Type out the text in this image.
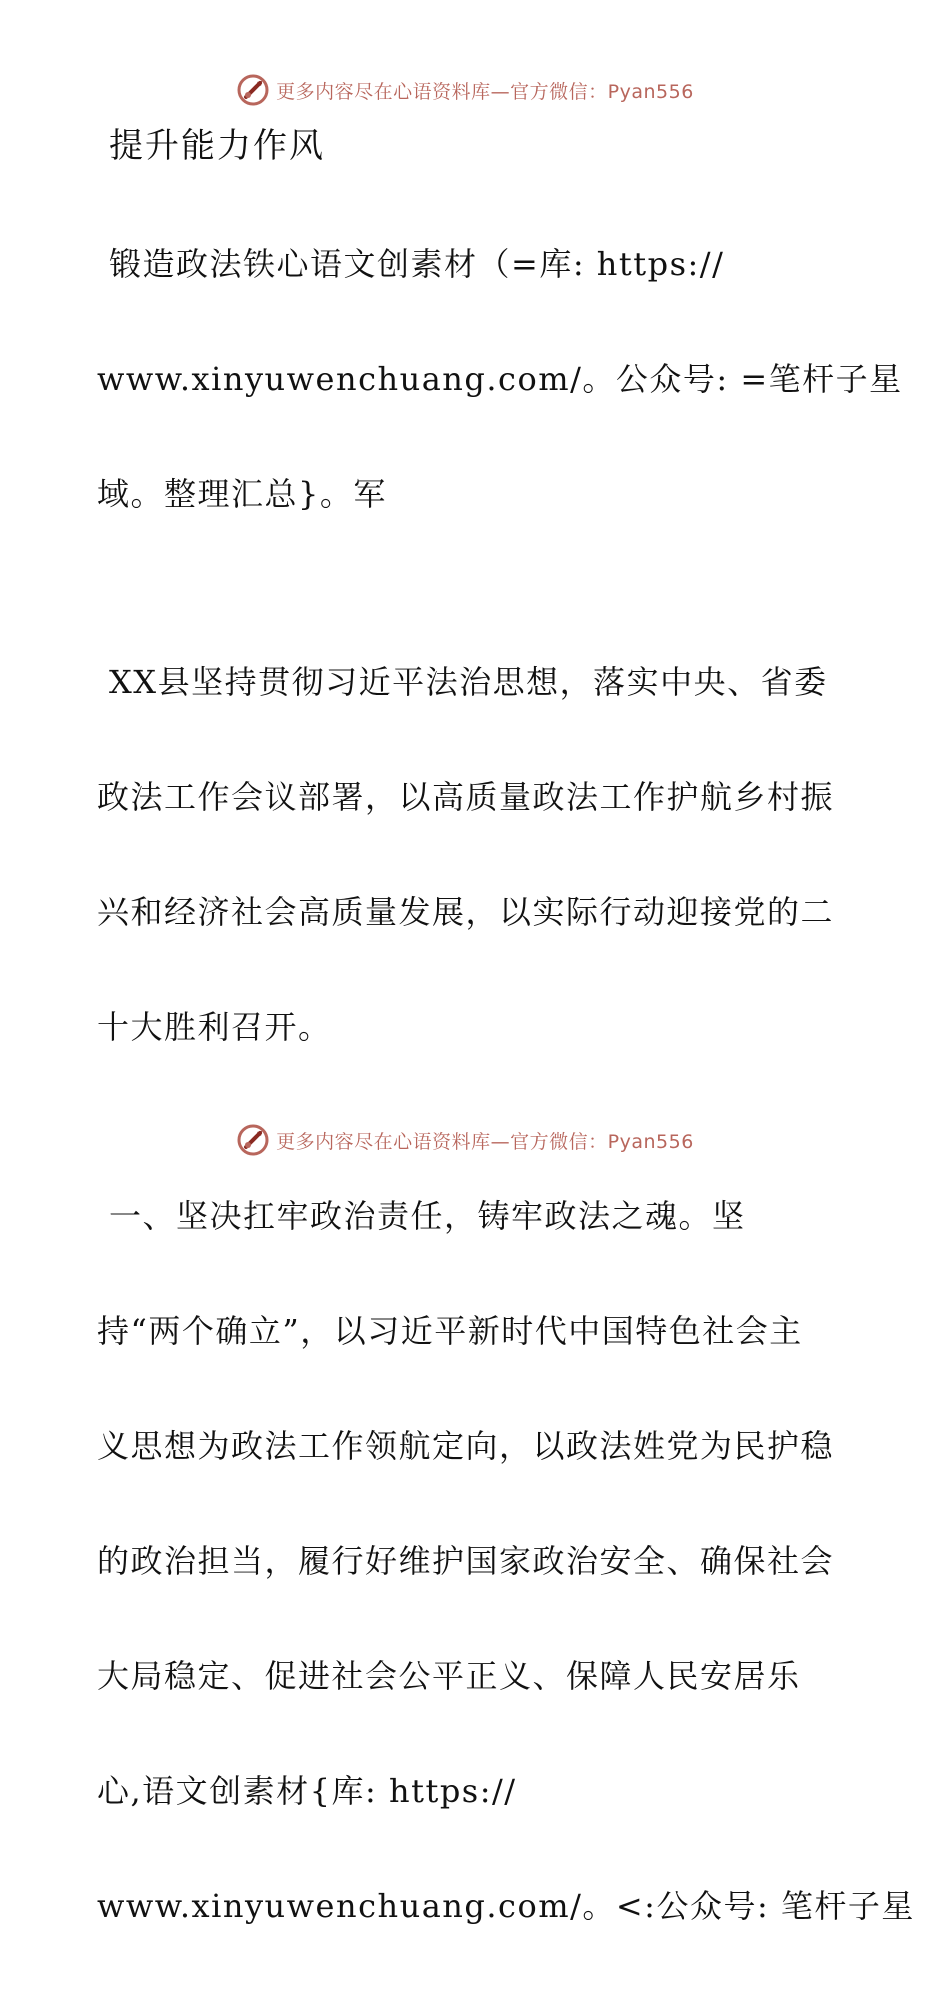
更多内容尽在心语资料库—官方微信：Pyan556
提升能力作风

锻造政法铁心语文创素材（=库: https://

www.xinyuwenchuang.com/。公众号: =笔杆子星

域。整理汇总}。军

XX县坚持贯彻习近平法治思想，落实中央、省委

政法工作会议部署，以高质量政法工作护航乡村振

兴和经济社会高质量发展，以实际行动迎接党的二

十大胜利召开。

一、坚决扛牢政治责任，铸牢政法之魂。坚

持“两个确立”，以习近平新时代中国特色社会主

义思想为政法工作领航定向，以政法姓党为民护稳

的政治担当，履行好维护国家政治安全、确保社会

大局稳定、促进社会公平正义、保障人民安居乐

心,语文创素材{库: https://

www.xinyuwenchuang.com/。<:公众号: 笔杆子星

更多内容尽在心语资料库—官方微信：Pyan556
